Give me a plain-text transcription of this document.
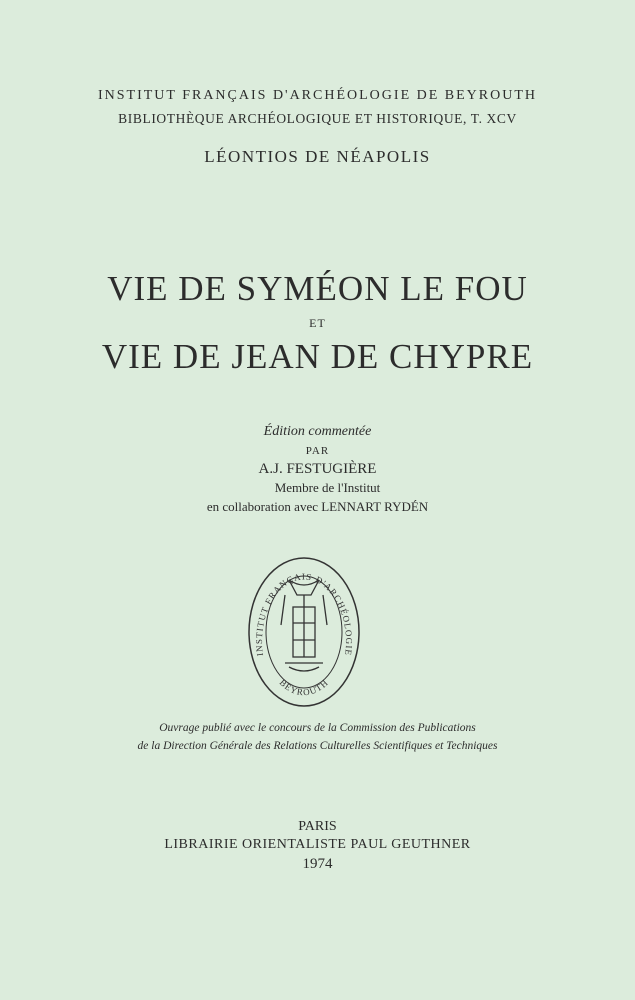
INSTITUT FRANÇAIS D'ARCHÉOLOGIE DE BEYROUTH
BIBLIOTHÈQUE ARCHÉOLOGIQUE ET HISTORIQUE, T. XCV
LÉONTIOS DE NÉAPOLIS
VIE DE SYMÉON LE FOU
ET
VIE DE JEAN DE CHYPRE
Édition commentée
PAR
A.J. FESTUGIÈRE
Membre de l'Institut
en collaboration avec LENNART RYDÉN
INSTITUT FRANÇAIS D'ARCHÉOLOGIE
BEYROUTH
Ouvrage publié avec le concours de la Commission des Publications
de la Direction Générale des Relations Culturelles Scientifiques et Techniques
PARIS
LIBRAIRIE ORIENTALISTE PAUL GEUTHNER
1974
